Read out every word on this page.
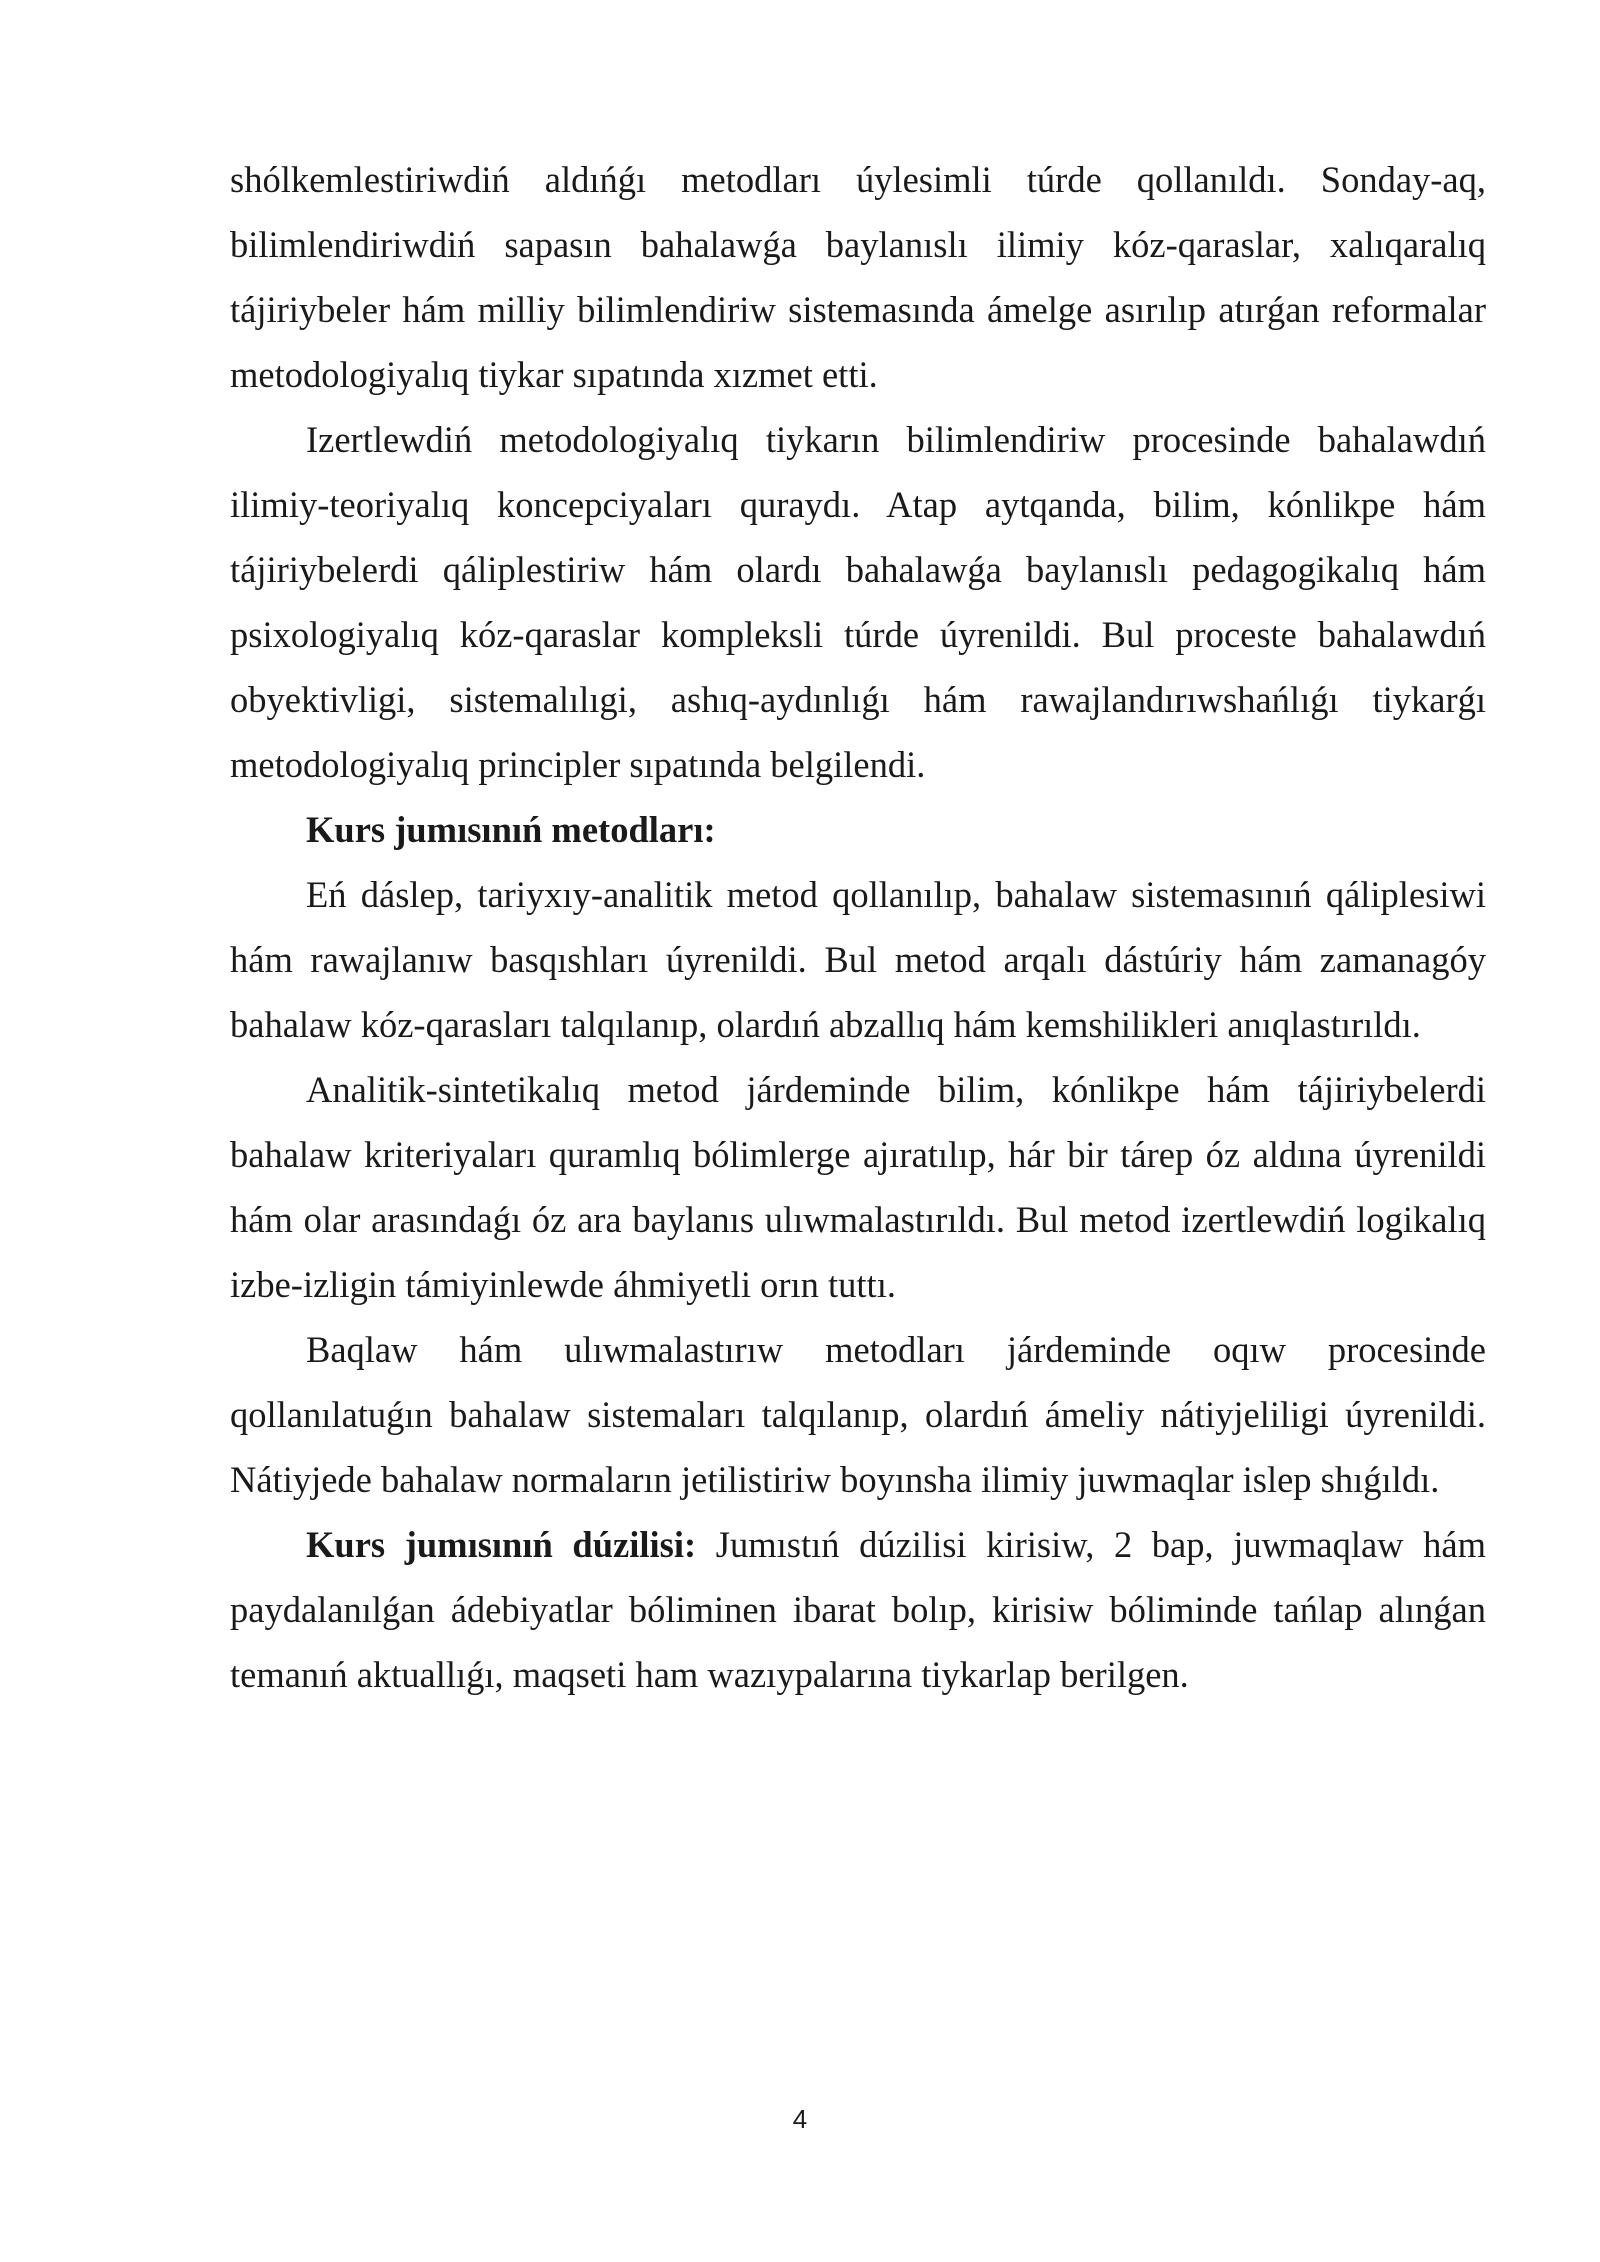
shólkemlestiriwdiń aldıńǵı metodları úylesimli túrde qollanıldı. Sonday-aq, bilimlendiriwdiń sapasın bahalawǵa baylanıslı ilimiy kóz-qaraslar, xalıqaralıq tájiriybeler hám milliy bilimlendiriw sistemasında ámelge asırılıp atırǵan reformalar metodologiyalıq tiykar sıpatında xızmet etti.

Izertlewdiń metodologiyalıq tiykarın bilimlendiriw procesinde bahalawdıń ilimiy-teoriyalıq koncepciyaları quraydı. Atap aytqanda, bilim, kónlikpe hám tájiriybelerdi qáliplestiriw hám olardı bahalawǵa baylanıslı pedagogikalıq hám psixologiyalıq kóz-qaraslar kompleksli túrde úyrenildi. Bul proceste bahalawdıń obyektivligi, sistemalılıgi, ashıq-aydınlıǵı hám rawajlandırıwshańlıǵı tiykarǵı metodologiyalıq principler sıpatında belgilendi.

Kurs jumısınıń metodları:

Eń dáslep, tariyxıy-analitik metod qollanılıp, bahalaw sistemasınıń qáliplesiwi hám rawajlanıw basqıshları úyrenildi. Bul metod arqalı dástúriy hám zamanagóy bahalaw kóz-qarasları talqılanıp, olardıń abzallıq hám kemshilikleri anıqlastırıldı.

Analitik-sintetikalıq metod járdeminde bilim, kónlikpe hám tájiriybelerdi bahalaw kriteriyaları quramlıq bólimlerge ajıratılıp, hár bir tárep óz aldına úyrenildi hám olar arasındaǵı óz ara baylanıs ulıwmalastırıldı. Bul metod izertlewdiń logikalıq izbe-izligin támiyinlewde áhmiyetli orın tuttı.

Baqlaw hám ulıwmalastırıw metodları járdeminde oqıw procesinde qollanılatuǵın bahalaw sistemaları talqılanıp, olardıń ámeliy nátiyjeliligi úyrenildi. Nátiyjede bahalaw normaların jetilistiriw boyınsha ilimiy juwmaqlar islep shıǵıldı.

Kurs jumısınıń dúzilisi: Jumıstıń dúzilisi kirisiw, 2 bap, juwmaqlaw hám paydalanılǵan ádebiyatlar bóliminen ibarat bolıp, kirisiw bóliminde tańlap alınǵan temanıń aktuallıǵı, maqseti ham wazıypalarına tiykarlap berilgen.

4
